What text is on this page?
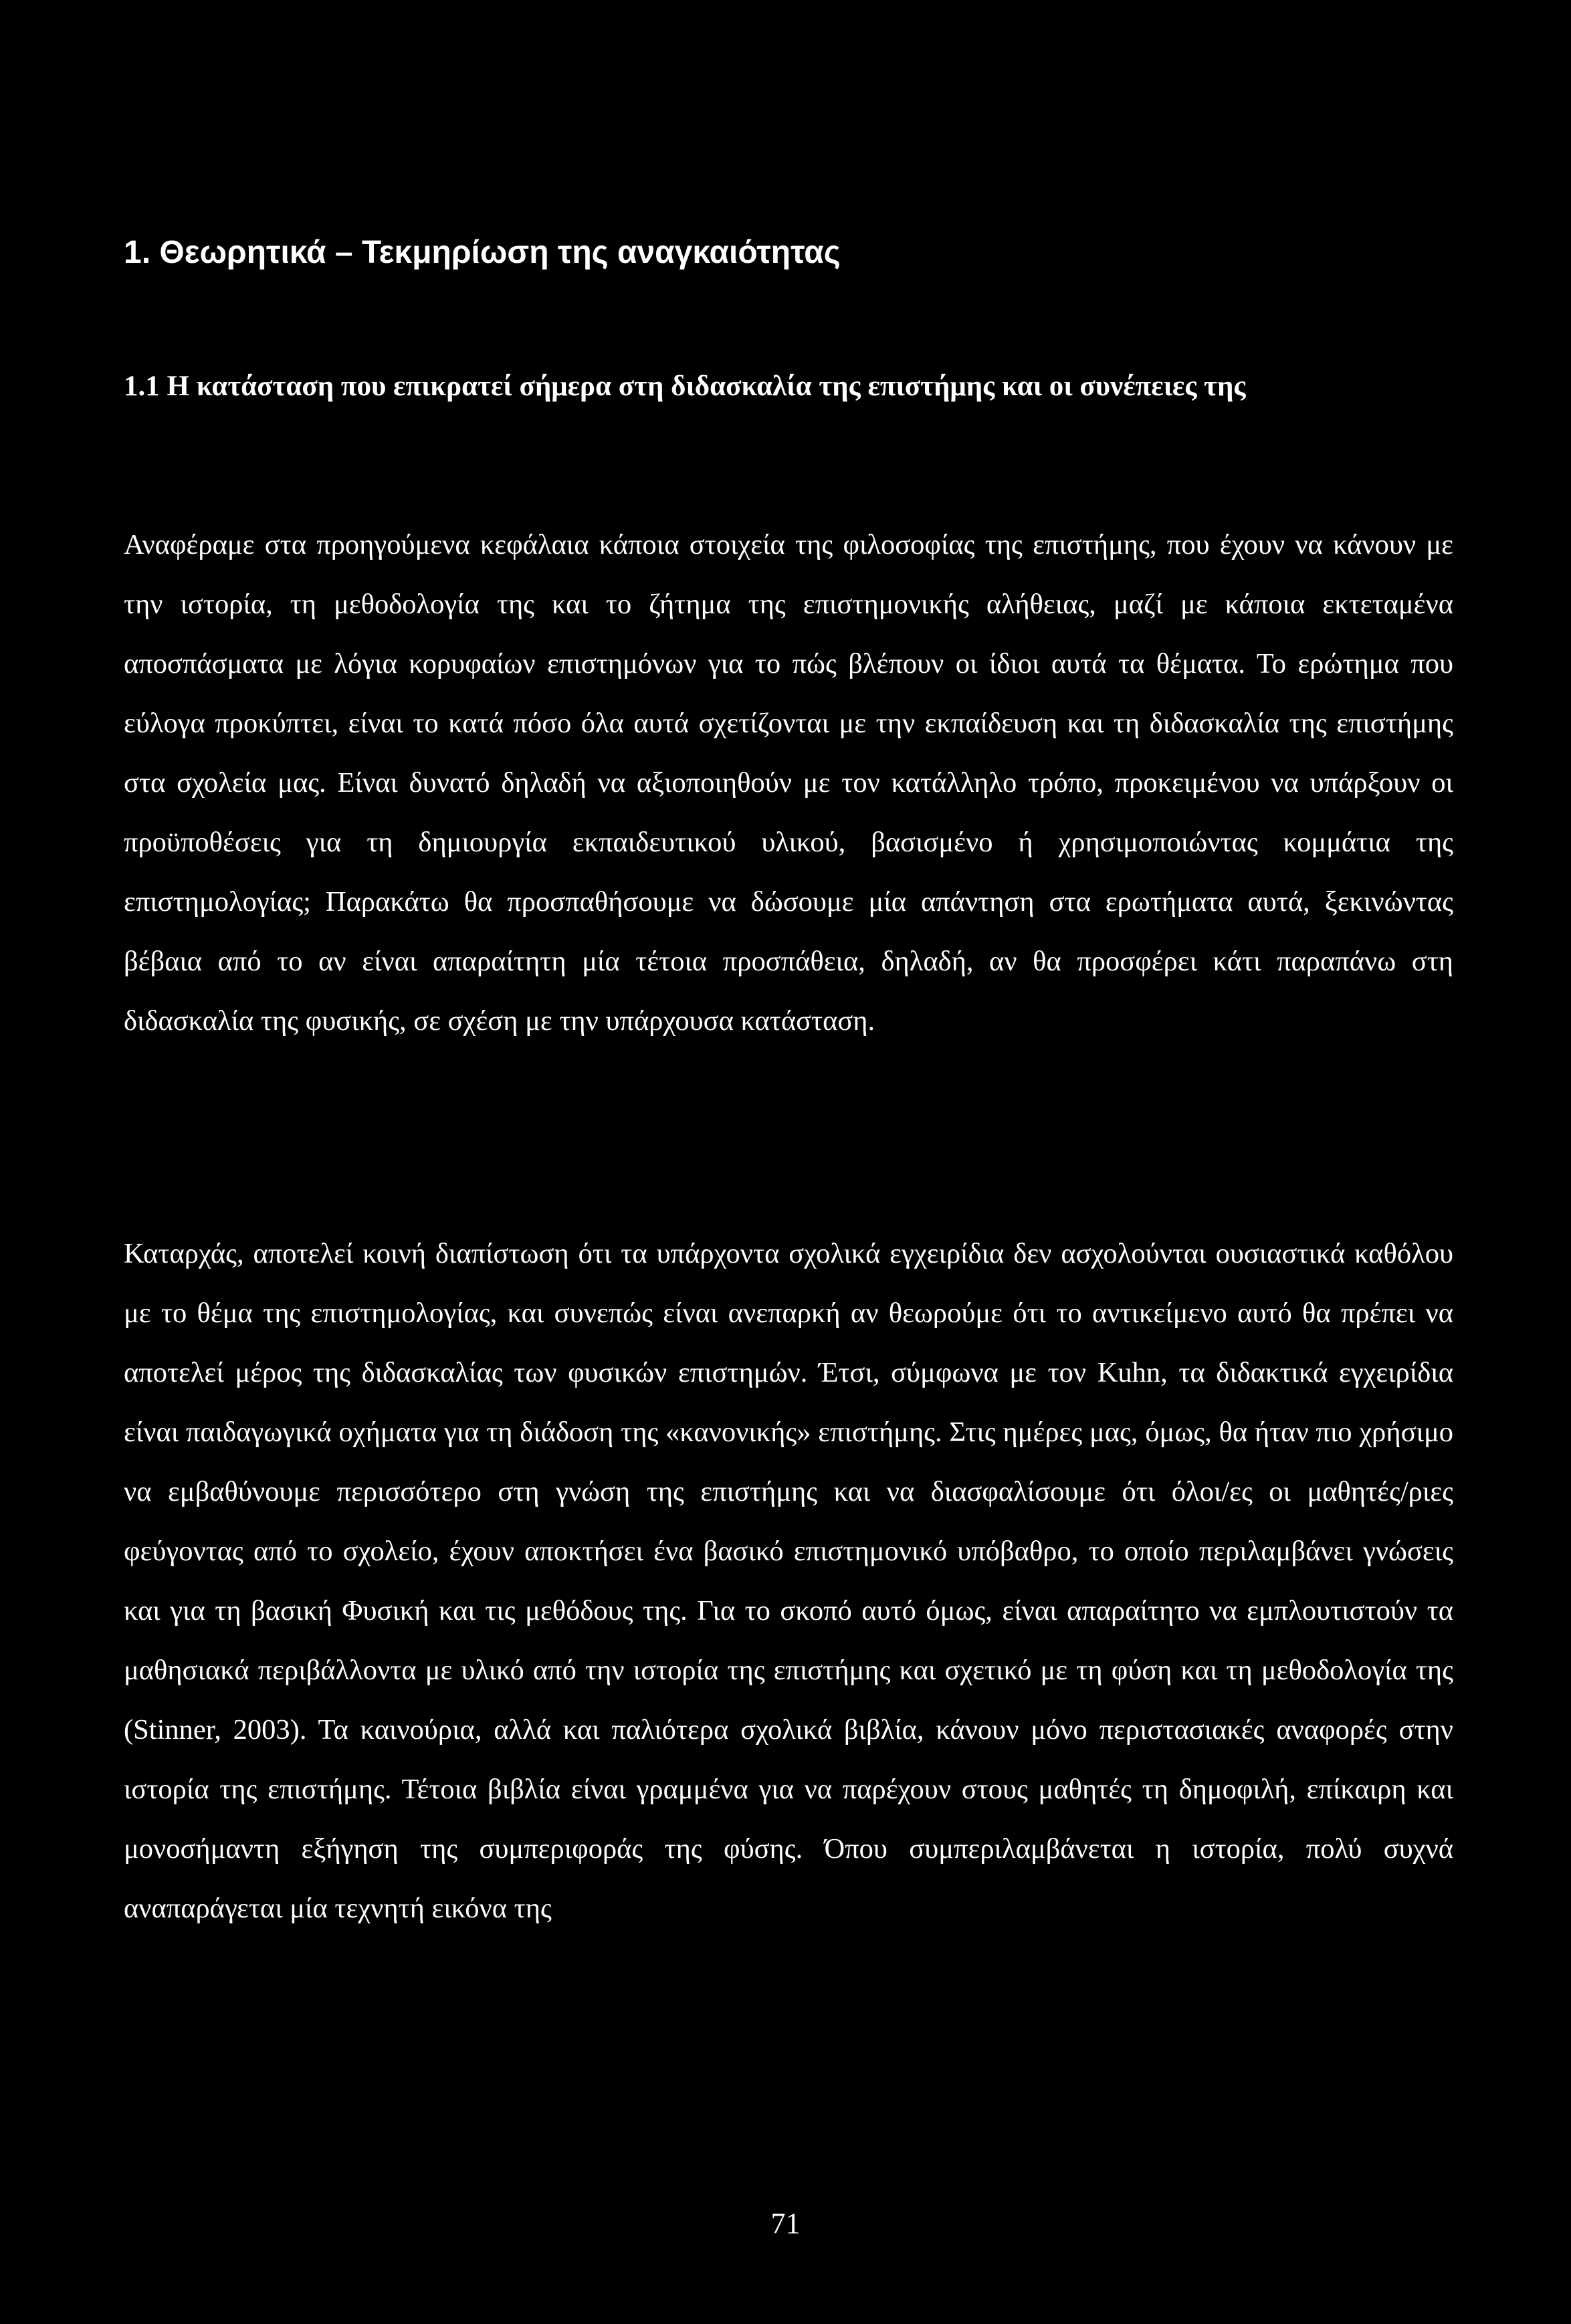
1. Θεωρητικά – Τεκμηρίωση της αναγκαιότητας
1.1 Η κατάσταση που επικρατεί σήμερα στη διδασκαλία της επιστήμης και οι συνέπειες της

Αναφέραμε στα προηγούμενα κεφάλαια κάποια στοιχεία της φιλοσοφίας της επιστήμης, που έχουν να κάνουν με την ιστορία, τη μεθοδολογία της και το ζήτημα της επιστημονικής αλήθειας, μαζί με κάποια εκτεταμένα αποσπάσματα με λόγια κορυφαίων επιστημόνων για το πώς βλέπουν οι ίδιοι αυτά τα θέματα. Το ερώτημα που εύλογα προκύπτει, είναι το κατά πόσο όλα αυτά σχετίζονται με την εκπαίδευση και τη διδασκαλία της επιστήμης στα σχολεία μας. Είναι δυνατό δηλαδή να αξιοποιηθούν με τον κατάλληλο τρόπο, προκειμένου να υπάρξουν οι προϋποθέσεις για τη δημιουργία εκπαιδευτικού υλικού, βασισμένο ή χρησιμοποιώντας κομμάτια της επιστημολογίας; Παρακάτω θα προσπαθήσουμε να δώσουμε μία απάντηση στα ερωτήματα αυτά, ξεκινώντας βέβαια από το αν είναι απαραίτητη μία τέτοια προσπάθεια, δηλαδή, αν θα προσφέρει κάτι παραπάνω στη διδασκαλία της φυσικής, σε σχέση με την υπάρχουσα κατάσταση.

Καταρχάς, αποτελεί κοινή διαπίστωση ότι τα υπάρχοντα σχολικά εγχειρίδια δεν ασχολούνται ουσιαστικά καθόλου με το θέμα της επιστημολογίας, και συνεπώς είναι ανεπαρκή αν θεωρούμε ότι το αντικείμενο αυτό θα πρέπει να αποτελεί μέρος της διδασκαλίας των φυσικών επιστημών. Έτσι, σύμφωνα με τον Kuhn, τα διδακτικά εγχειρίδια είναι παιδαγωγικά οχήματα για τη διάδοση της «κανονικής» επιστήμης. Στις ημέρες μας, όμως, θα ήταν πιο χρήσιμο να εμβαθύνουμε περισσότερο στη γνώση της επιστήμης και να διασφαλίσουμε ότι όλοι/ες οι μαθητές/ριες φεύγοντας από το σχολείο, έχουν αποκτήσει ένα βασικό επιστημονικό υπόβαθρο, το οποίο περιλαμβάνει γνώσεις και για τη βασική Φυσική και τις μεθόδους της. Για το σκοπό αυτό όμως, είναι απαραίτητο να εμπλουτιστούν τα μαθησιακά περιβάλλοντα με υλικό από την ιστορία της επιστήμης και σχετικό με τη φύση και τη μεθοδολογία της (Stinner, 2003). Τα καινούρια, αλλά και παλιότερα σχολικά βιβλία, κάνουν μόνο περιστασιακές αναφορές στην ιστορία της επιστήμης. Τέτοια βιβλία είναι γραμμένα για να παρέχουν στους μαθητές τη δημοφιλή, επίκαιρη και μονοσήμαντη εξήγηση της συμπεριφοράς της φύσης. Όπου συμπεριλαμβάνεται η ιστορία, πολύ συχνά αναπαράγεται μία τεχνητή εικόνα της

71
